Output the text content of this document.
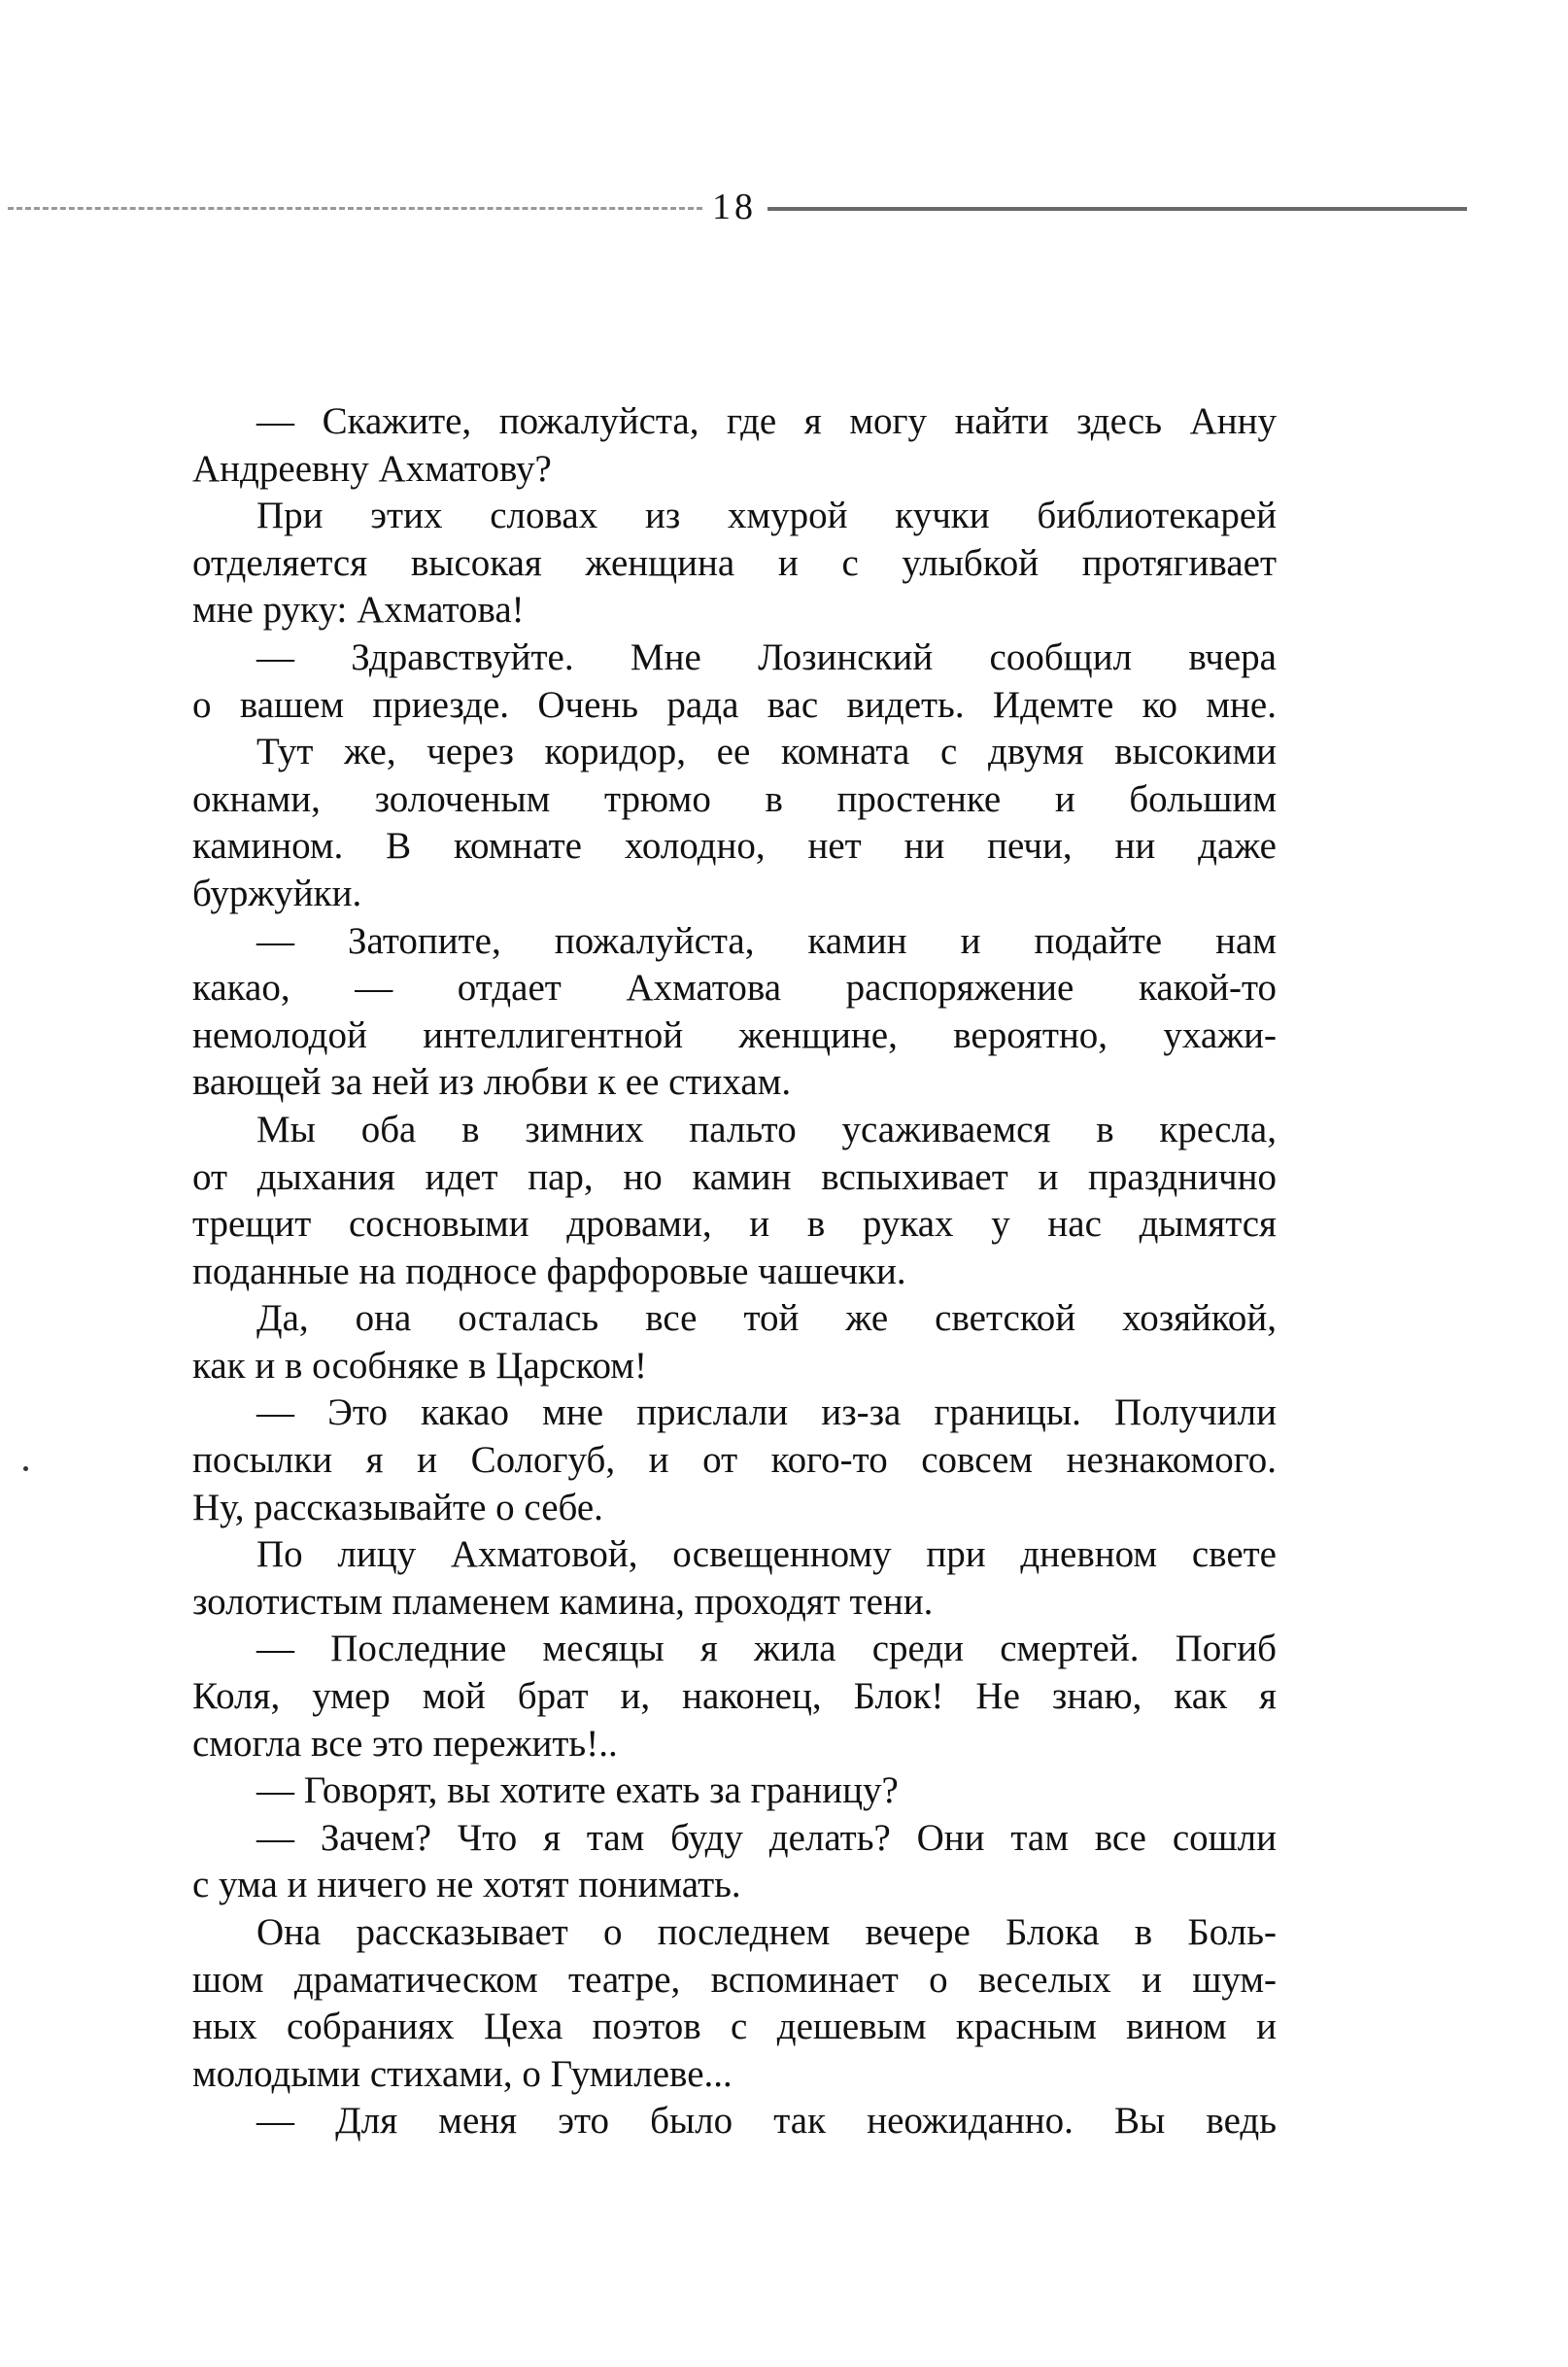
18
— Скажите, пожалуйста, где я могу найти здесь Анну
Андреевну Ахматову?
При этих словах из хмурой кучки библиотекарей
отделяется высокая женщина и с улыбкой протягивает
мне руку: Ахматова!
— Здравствуйте. Мне Лозинский сообщил вчера
о вашем приезде. Очень рада вас видеть. Идемте ко мне.
Тут же, через коридор, ее комната с двумя высокими
окнами, золоченым трюмо в простенке и большим
камином. В комнате холодно, нет ни печи, ни даже
буржуйки.
— Затопите, пожалуйста, камин и подайте нам
какао, — отдает Ахматова распоряжение какой-то
немолодой интеллигентной женщине, вероятно, ухажи-
вающей за ней из любви к ее стихам.
Мы оба в зимних пальто усаживаемся в кресла,
от дыхания идет пар, но камин вспыхивает и празднично
трещит сосновыми дровами, и в руках у нас дымятся
поданные на подносе фарфоровые чашечки.
Да, она осталась все той же светской хозяйкой,
как и в особняке в Царском!
— Это какао мне прислали из-за границы. Получили
посылки я и Сологуб, и от кого-то совсем незнакомого.
Ну, рассказывайте о себе.
По лицу Ахматовой, освещенному при дневном свете
золотистым пламенем камина, проходят тени.
— Последние месяцы я жила среди смертей. Погиб
Коля, умер мой брат и, наконец, Блок! Не знаю, как я
смогла все это пережить!..
— Говорят, вы хотите ехать за границу?
— Зачем? Что я там буду делать? Они там все сошли
с ума и ничего не хотят понимать.
Она рассказывает о последнем вечере Блока в Боль-
шом драматическом театре, вспоминает о веселых и шум-
ных собраниях Цеха поэтов с дешевым красным вином и
молодыми стихами, о Гумилеве...
— Для меня это было так неожиданно. Вы ведь
